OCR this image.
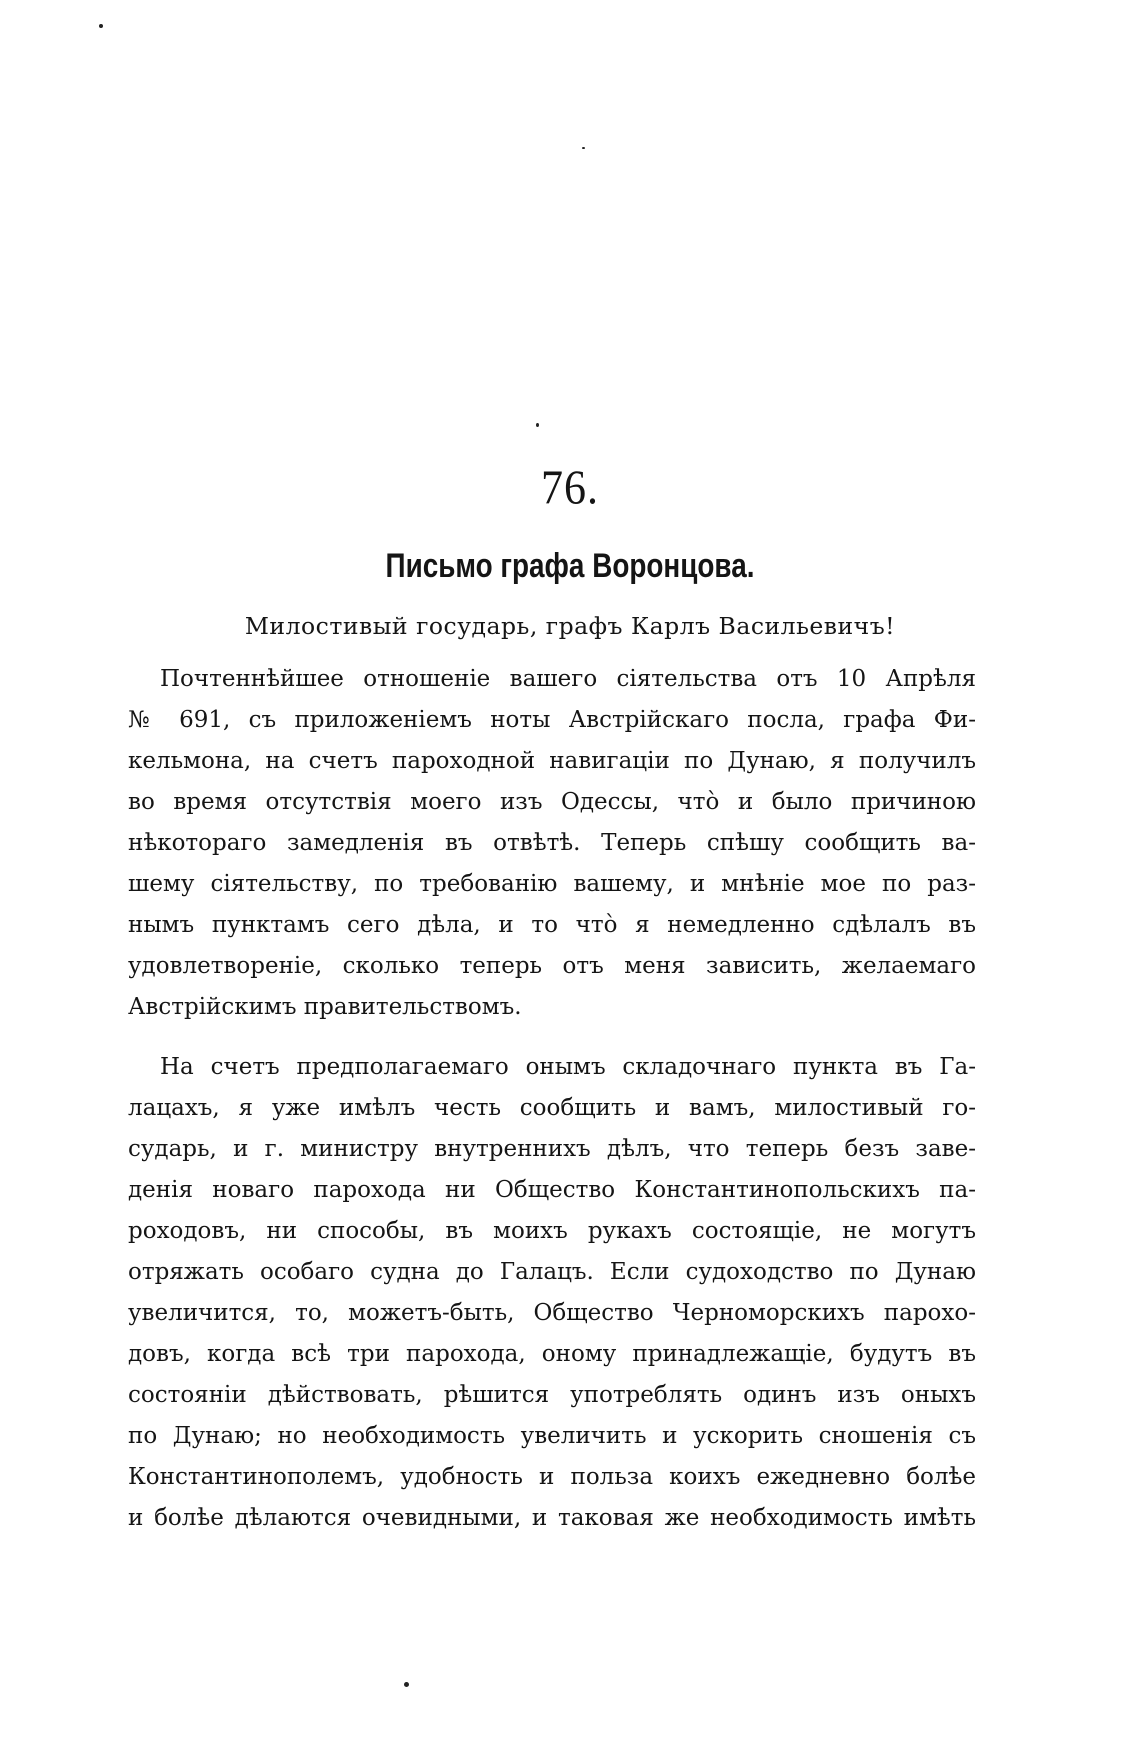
76.
Письмо графа Воронцова.
Милостивый государь, графъ Карлъ Васильевичъ!
Почтеннѣйшее отношеніе вашего сіятельства отъ 10 Апрѣля
№ 691, съ приложеніемъ ноты Австрійскаго посла, графа Фи-
кельмона, на счетъ пароходной навигаціи по Дунаю, я получилъ
во время отсутствія моего изъ Одессы, что̀ и было причиною
нѣкотораго замедленія въ отвѣтѣ. Теперь спѣшу сообщить ва-
шему сіятельству, по требованію вашему, и мнѣніе мое по раз-
нымъ пунктамъ сего дѣла, и то что̀ я немедленно сдѣлалъ въ
удовлетвореніе, сколько теперь отъ меня зависить, желаемаго
Австрійскимъ правительствомъ.
На счетъ предполагаемаго онымъ складочнаго пункта въ Га-
лацахъ, я уже имѣлъ честь сообщить и вамъ, милостивый го-
сударь, и г. министру внутреннихъ дѣлъ, что теперь безъ заве-
денія новаго парохода ни Общество Константинопольскихъ па-
роходовъ, ни способы, въ моихъ рукахъ состоящіе, не могутъ
отряжать особаго судна до Галацъ. Если судоходство по Дунаю
увеличится, то, можетъ-быть, Общество Черноморскихъ парохо-
довъ, когда всѣ три парохода, оному принадлежащіе, будутъ въ
состояніи дѣйствовать, рѣшится употреблять одинъ изъ оныхъ
по Дунаю; но необходимость увеличить и ускорить сношенія съ
Константинополемъ, удобность и польза коихъ ежедневно болѣе
и болѣе дѣлаются очевидными, и таковая же необходимость имѣть
